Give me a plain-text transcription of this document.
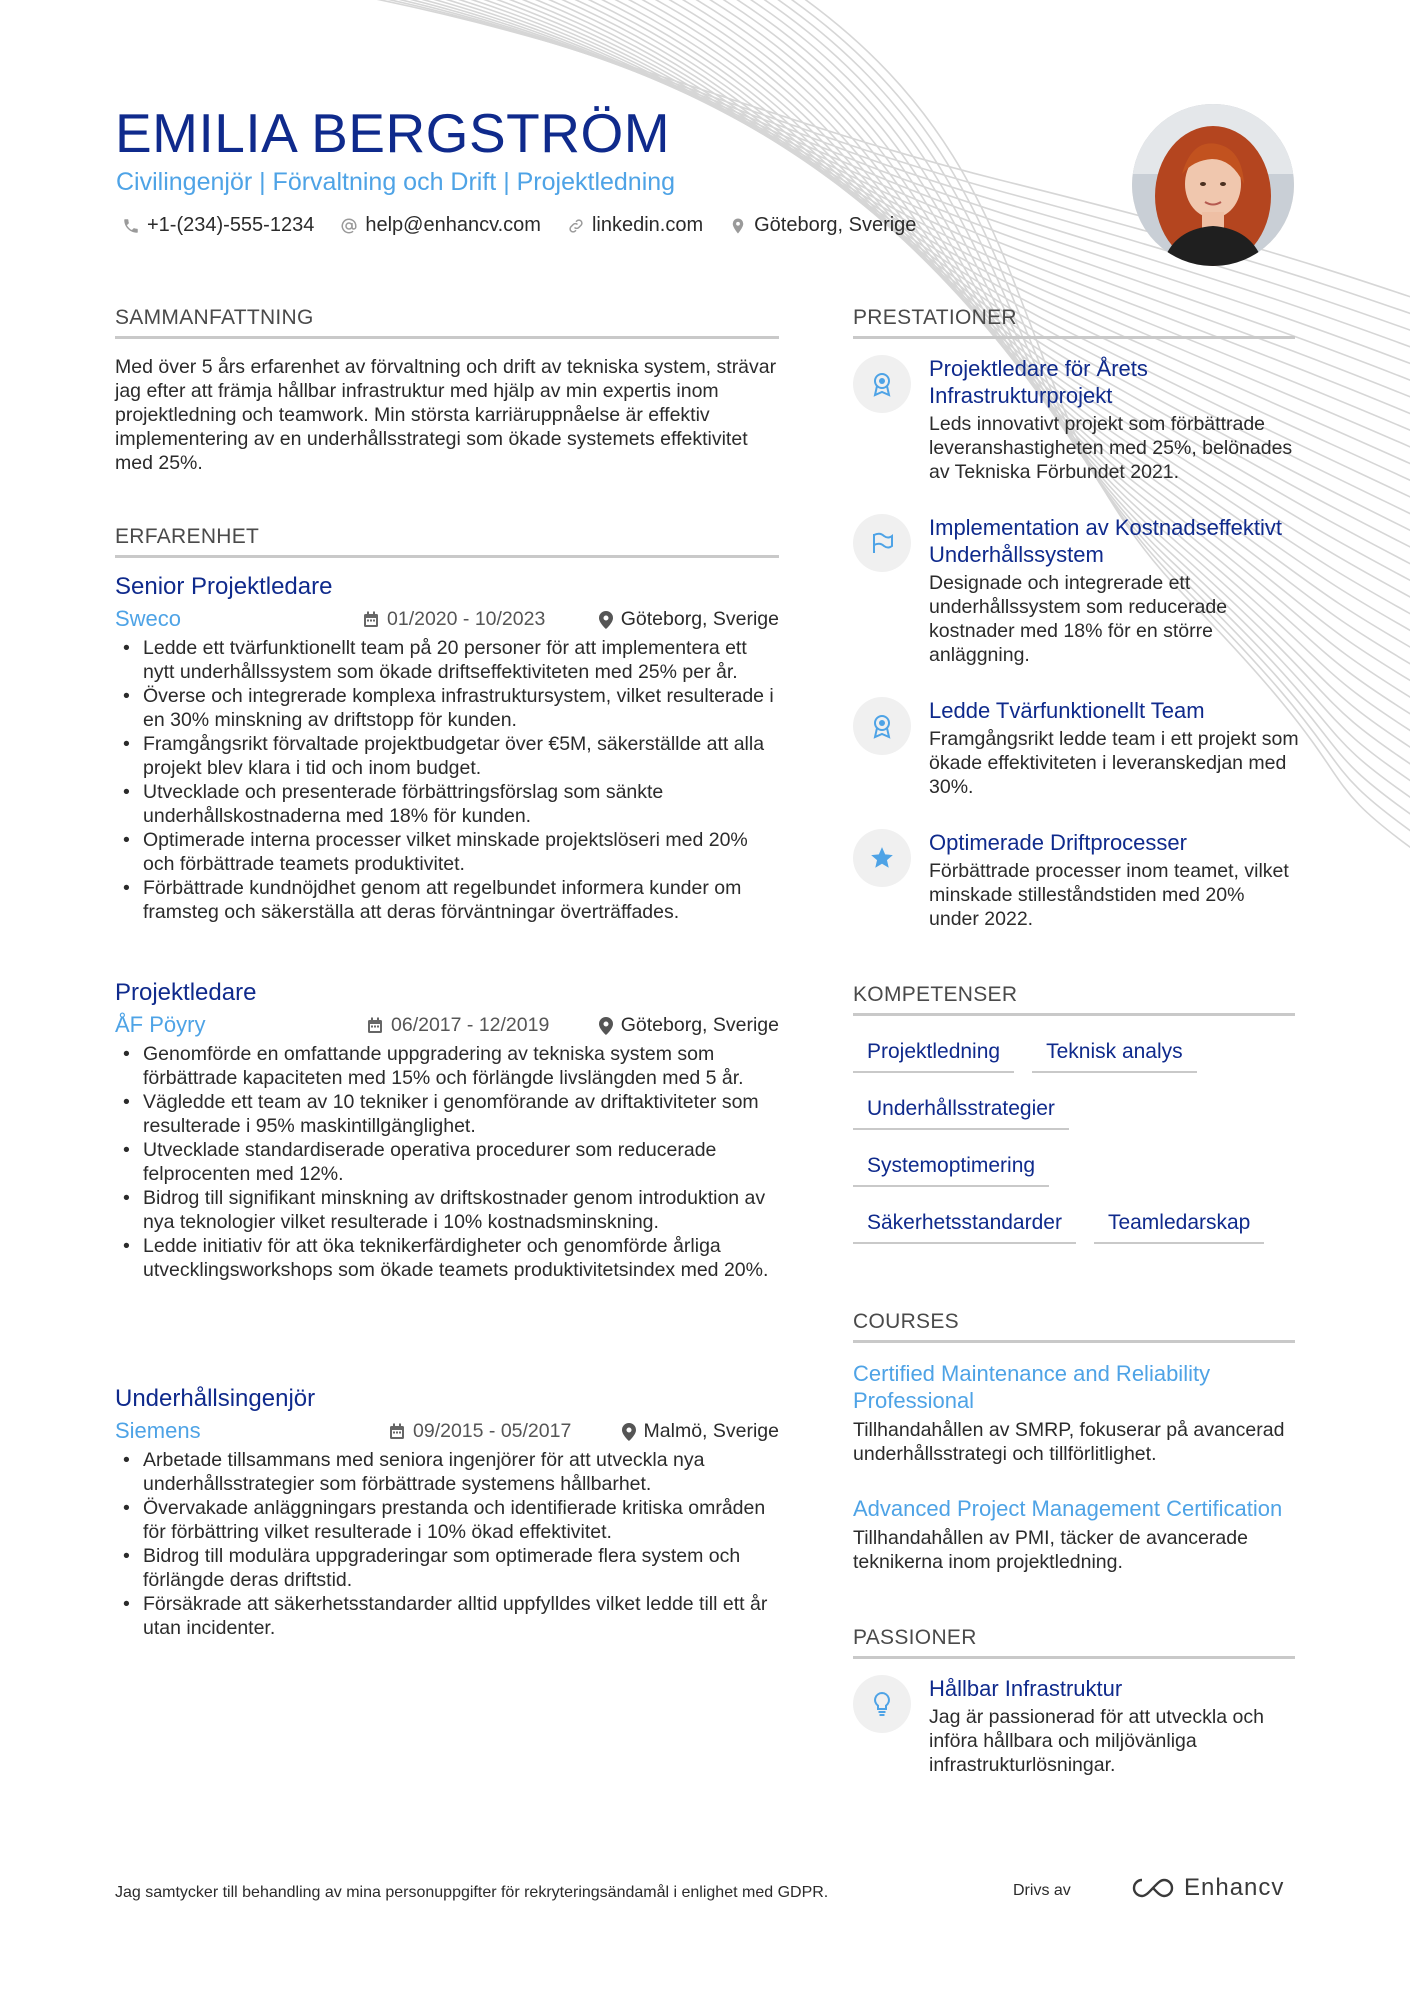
EMILIA BERGSTRÖM
Civilingenjör | Förvaltning och Drift | Projektledning
+1-(234)-555-1234	help@enhancv.com	linkedin.com	Göteborg, Sverige
SAMMANFATTNING
Med över 5 års erfarenhet av förvaltning och drift av tekniska system, strävar jag efter att främja hållbar infrastruktur med hjälp av min expertis inom projektledning och teamwork. Min största karriäruppnåelse är effektiv implementering av en underhållsstrategi som ökade systemets effektivitet med 25%.
ERFARENHET
Senior Projektledare
Sweco	01/2020 - 10/2023	Göteborg, Sverige
• Ledde ett tvärfunktionellt team på 20 personer för att implementera ett nytt underhållssystem som ökade driftseffektiviteten med 25% per år.
• Överse och integrerade komplexa infrastruktursystem, vilket resulterade i en 30% minskning av driftstopp för kunden.
• Framgångsrikt förvaltade projektbudgetar över €5M, säkerställde att alla projekt blev klara i tid och inom budget.
• Utvecklade och presenterade förbättringsförslag som sänkte underhållskostnaderna med 18% för kunden.
• Optimerade interna processer vilket minskade projektslöseri med 20% och förbättrade teamets produktivitet.
• Förbättrade kundnöjdhet genom att regelbundet informera kunder om framsteg och säkerställa att deras förväntningar överträffades.
Projektledare
ÅF Pöyry	06/2017 - 12/2019	Göteborg, Sverige
• Genomförde en omfattande uppgradering av tekniska system som förbättrade kapaciteten med 15% och förlängde livslängden med 5 år.
• Vägledde ett team av 10 tekniker i genomförande av driftaktiviteter som resulterade i 95% maskintillgänglighet.
• Utvecklade standardiserade operativa procedurer som reducerade felprocenten med 12%.
• Bidrog till signifikant minskning av driftskostnader genom introduktion av nya teknologier vilket resulterade i 10% kostnadsminskning.
• Ledde initiativ för att öka teknikerfärdigheter och genomförde årliga utvecklingsworkshops som ökade teamets produktivitetsindex med 20%.
Underhållsingenjör
Siemens	09/2015 - 05/2017	Malmö, Sverige
• Arbetade tillsammans med seniora ingenjörer för att utveckla nya underhållsstrategier som förbättrade systemens hållbarhet.
• Övervakade anläggningars prestanda och identifierade kritiska områden för förbättring vilket resulterade i 10% ökad effektivitet.
• Bidrog till modulära uppgraderingar som optimerade flera system och förlängde deras driftstid.
• Försäkrade att säkerhetsstandarder alltid uppfylldes vilket ledde till ett år utan incidenter.
PRESTATIONER
Projektledare för Årets Infrastrukturprojekt
Leds innovativt projekt som förbättrade leveranshastigheten med 25%, belönades av Tekniska Förbundet 2021.
Implementation av Kostnadseffektivt Underhållssystem
Designade och integrerade ett underhållssystem som reducerade kostnader med 18% för en större anläggning.
Ledde Tvärfunktionellt Team
Framgångsrikt ledde team i ett projekt som ökade effektiviteten i leveranskedjan med 30%.
Optimerade Driftprocesser
Förbättrade processer inom teamet, vilket minskade stilleståndstiden med 20% under 2022.
KOMPETENSER
Projektledning	Teknisk analys
Underhållsstrategier
Systemoptimering
Säkerhetsstandarder	Teamledarskap
COURSES
Certified Maintenance and Reliability Professional
Tillhandahållen av SMRP, fokuserar på avancerad underhållsstrategi och tillförlitlighet.
Advanced Project Management Certification
Tillhandahållen av PMI, täcker de avancerade teknikerna inom projektledning.
PASSIONER
Hållbar Infrastruktur
Jag är passionerad för att utveckla och införa hållbara och miljövänliga infrastrukturlösningar.
Jag samtycker till behandling av mina personuppgifter för rekryteringsändamål i enlighet med GDPR.	Drivs av	Enhancv
